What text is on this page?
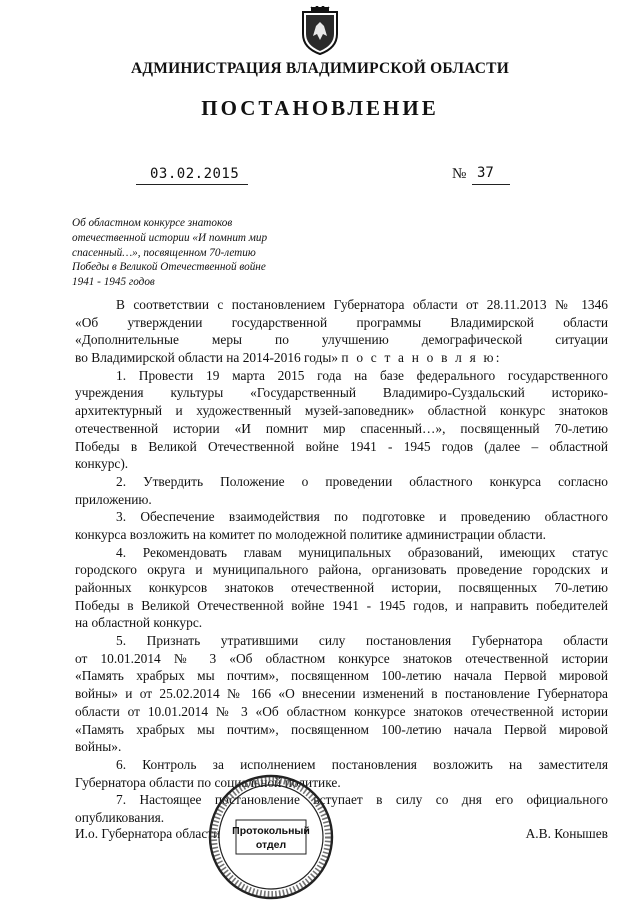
АДМИНИСТРАЦИЯ ВЛАДИМИРСКОЙ ОБЛАСТИ
ПОСТАНОВЛЕНИЕ
03.02.2015	№ 37
Об областном конкурсе знатоков
отечественной истории «И помнит мир
спасенный…», посвященном 70-летию
Победы в Великой Отечественной войне
1941 - 1945 годов
В соответствии с постановлением Губернатора области от 28.11.2013 № 1346
«Об утверждении государственной программы Владимирской области
«Дополнительные меры по улучшению демографической ситуации
во Владимирской области на 2014-2016 годы» п о с т а н о в л я ю:
1. Провести 19 марта 2015 года на базе федерального государственного
учреждения культуры «Государственный Владимиро-Суздальский историко-
архитектурный и художественный музей-заповедник» областной конкурс знатоков
отечественной истории «И помнит мир спасенный…», посвященный 70-летию
Победы в Великой Отечественной войне 1941 - 1945 годов (далее – областной
конкурс).
2. Утвердить Положение о проведении областного конкурса согласно
приложению.
3. Обеспечение взаимодействия по подготовке и проведению областного
конкурса возложить на комитет по молодежной политике администрации области.
4. Рекомендовать главам муниципальных образований, имеющих статус
городского округа и муниципального района, организовать проведение городских и
районных конкурсов знатоков отечественной истории, посвященных 70-летию
Победы в Великой Отечественной войне 1941 - 1945 годов, и направить победителей
на областной конкурс.
5. Признать утратившими силу постановления Губернатора области
от 10.01.2014 № 3 «Об областном конкурсе знатоков отечественной истории
«Память храбрых мы почтим», посвященном 100-летию начала Первой мировой
войны» и от 25.02.2014 № 166 «О внесении изменений в постановление Губернатора
области от 10.01.2014 № 3 «Об областном конкурсе знатоков отечественной истории
«Память храбрых мы почтим», посвященном 100-летию начала Первой мировой
войны».
6. Контроль за исполнением постановления возложить на заместителя
Губернатора области по социальной политике.
7. Настоящее постановление вступает в силу со дня его официального
опубликования.
И.о. Губернатора области	А.В. Конышев
Протокольный
отдел
